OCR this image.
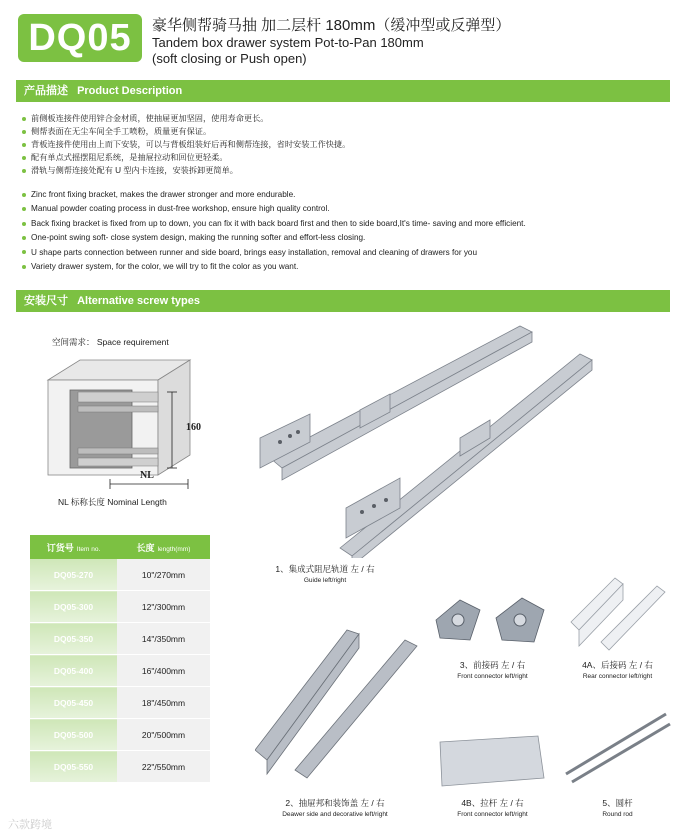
DQ05	豪华侧帮骑马抽 加二层杆 180mm（缓冲型或反弹型）
Tandem box drawer system Pot-to-Pan 180mm
(soft closing or Push open)
产品描述 Product Description
前侧板连接件使用锌合金材质，使抽屉更加坚固，使用寿命更长。
侧帮表面在无尘车间全手工喷粉，质量更有保证。
背板连接件使用由上而下安装，可以与背板组装好后再和侧帮连接，省时安装工作快捷。
配有单点式摇摆阻尼系统，是抽屉拉动和回位更轻柔。
滑轨与侧帮连接处配有 U 型内卡连接，安装拆卸更简单。
Zinc front fixing bracket, makes the drawer stronger and more endurable.
Manual powder coating process in dust-free workshop, ensure high quality control.
Back fixing bracket is fixed from up to down, you can fix it with back board first and then to side board,It's time- saving and more efficient.
One-point swing soft- close system design, making the running softer and effort-less closing.
U shape parts connection between runner and side board, brings easy installation, removal and cleaning of drawers for you
Variety drawer system, for the color, we will try to fit the color as you want.
安装尺寸 Alternative screw types
空间需求： Space requirement
160
NL
NL 标称长度 Nominal Length
订货号 Item no.	长度 length(mm)
DQ05-270	10"/270mm
DQ05-300	12"/300mm
DQ05-350	14"/350mm
DQ05-400	16"/400mm
DQ05-450	18"/450mm
DQ05-500	20"/500mm
DQ05-550	22"/550mm
1、集成式阻尼轨道 左 / 右
Guide left/right
3、前接码 左 / 右
Front connector left/right
4A、后接码 左 / 右
Rear connector left/right
2、抽屉邦和装饰盖 左 / 右
Deawer side and decorative left/right
4B、拉杆 左 / 右
Front connector left/right
5、圆杆
Round rod
六款跨境
